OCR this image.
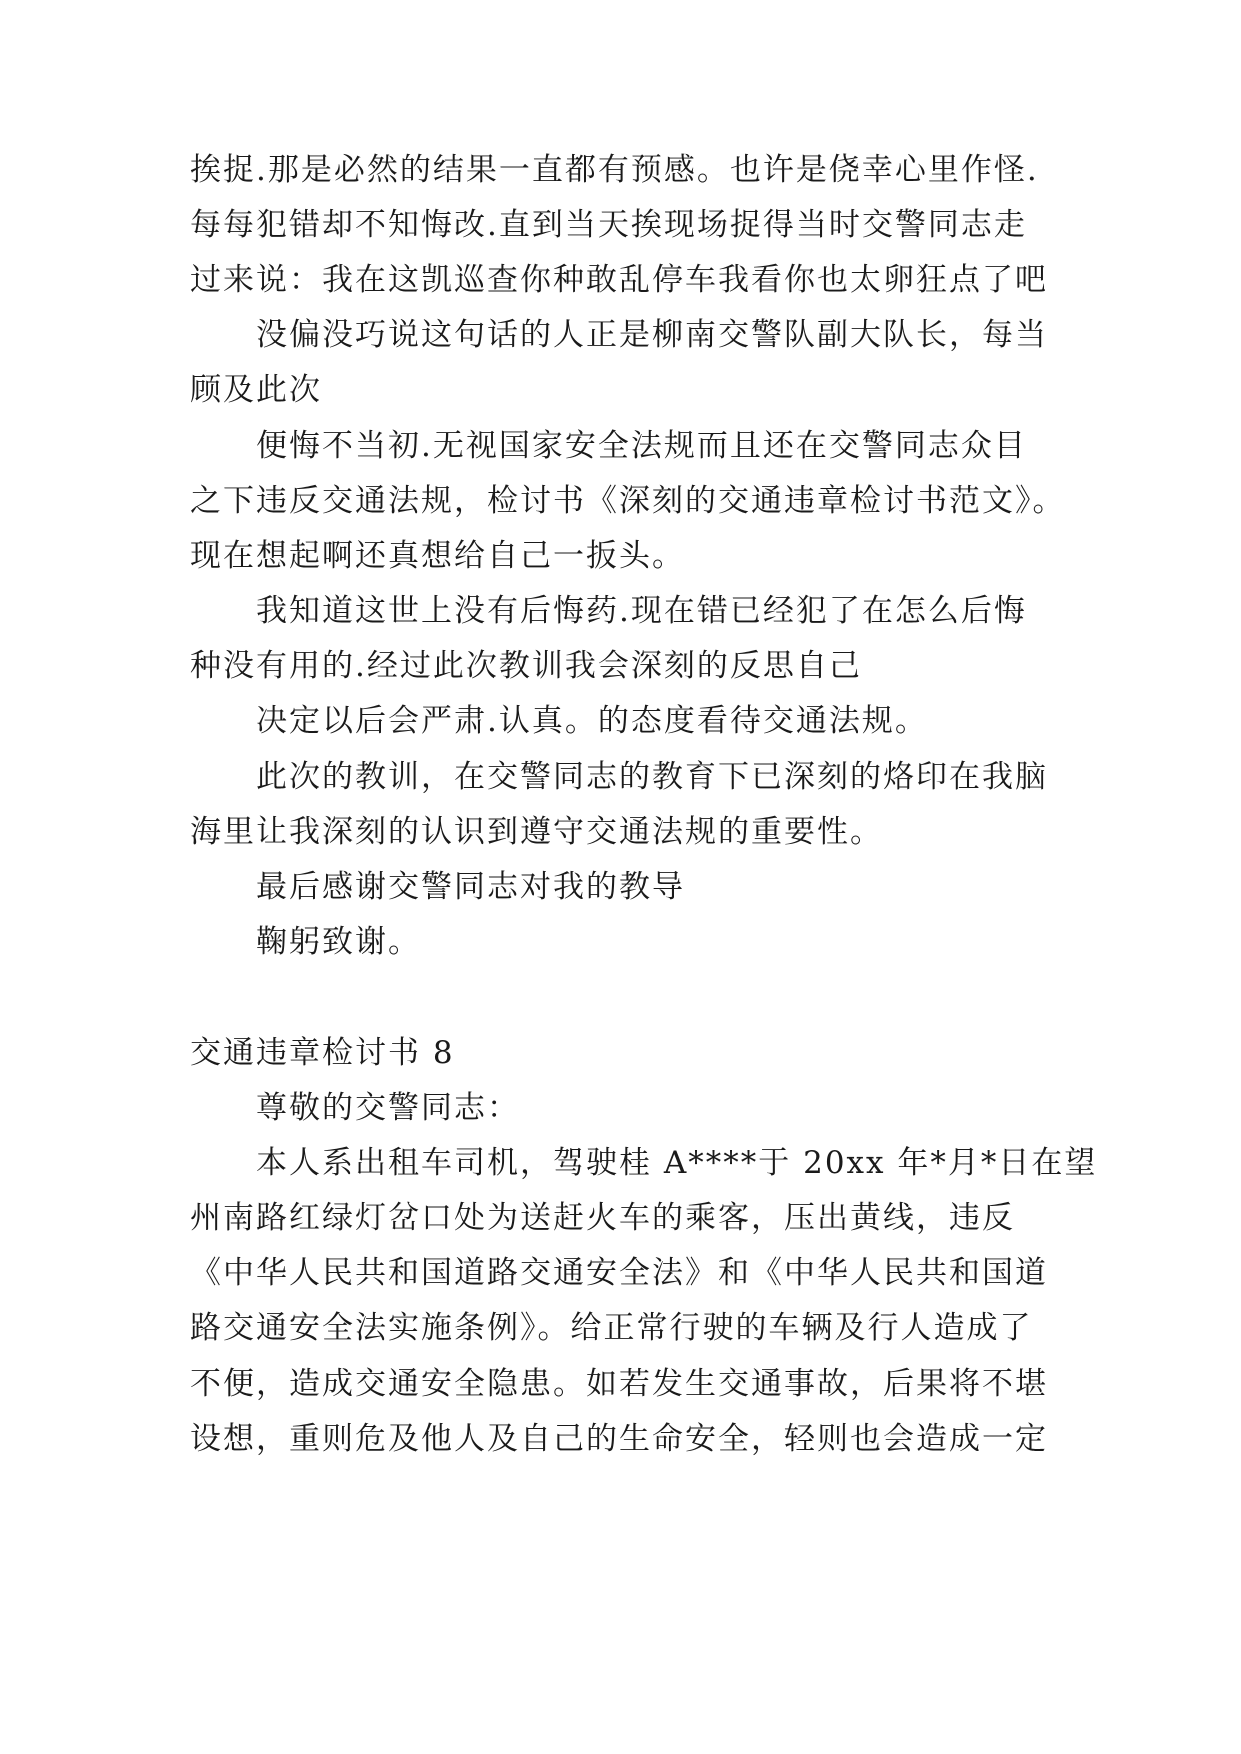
挨捉.那是必然的结果一直都有预感。也许是侥幸心里作怪.
每每犯错却不知悔改.直到当天挨现场捉得当时交警同志走
过来说：我在这凯巡查你种敢乱停车我看你也太卵狂点了吧
没偏没巧说这句话的人正是柳南交警队副大队长，每当
顾及此次
便悔不当初.无视国家安全法规而且还在交警同志众目
之下违反交通法规，检讨书《深刻的交通违章检讨书范文》。
现在想起啊还真想给自己一扳头。
我知道这世上没有后悔药.现在错已经犯了在怎么后悔
种没有用的.经过此次教训我会深刻的反思自己
决定以后会严肃.认真。的态度看待交通法规。
此次的教训，在交警同志的教育下已深刻的烙印在我脑
海里让我深刻的认识到遵守交通法规的重要性。
最后感谢交警同志对我的教导
鞠躬致谢。
交通违章检讨书 8
尊敬的交警同志：
本人系出租车司机，驾驶桂 A****于 20xx 年*月*日在望
州南路红绿灯岔口处为送赶火车的乘客，压出黄线，违反
《中华人民共和国道路交通安全法》和《中华人民共和国道
路交通安全法实施条例》。给正常行驶的车辆及行人造成了
不便，造成交通安全隐患。如若发生交通事故，后果将不堪
设想，重则危及他人及自己的生命安全，轻则也会造成一定
